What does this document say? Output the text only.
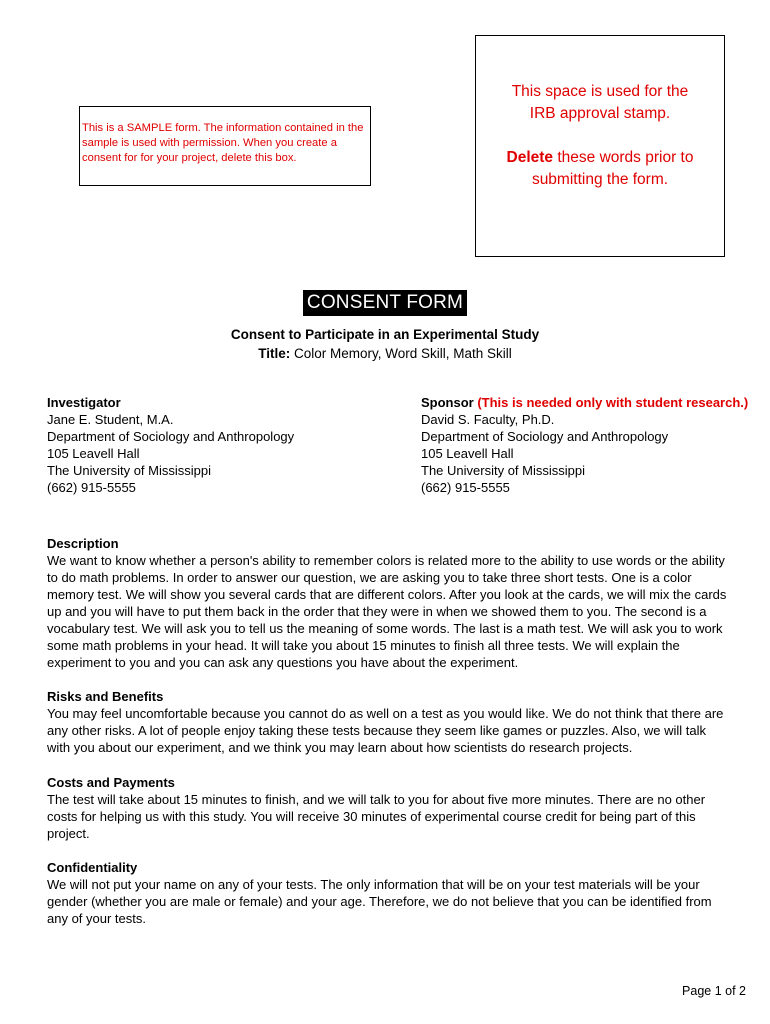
This is a SAMPLE form. The information contained in the sample is used with permission. When you create a consent for for your project, delete this box.
This space is used for the
IRB approval stamp.
Delete these words prior to
submitting the form.
CONSENT FORM
Consent to Participate in an Experimental Study
Title: Color Memory, Word Skill, Math Skill
Investigator
Jane E. Student, M.A.
Department of Sociology and Anthropology
105 Leavell Hall
The University of Mississippi
(662) 915-5555
Sponsor (This is needed only with student research.)
David S. Faculty, Ph.D.
Department of Sociology and Anthropology
105 Leavell Hall
The University of Mississippi
(662) 915-5555
Description
We want to know whether a person's ability to remember colors is related more to the ability to use words or the ability to do math problems. In order to answer our question, we are asking you to take three short tests. One is a color memory test. We will show you several cards that are different colors. After you look at the cards, we will mix the cards up and you will have to put them back in the order that they were in when we showed them to you. The second is a vocabulary test. We will ask you to tell us the meaning of some words. The last is a math test. We will ask you to work some math problems in your head. It will take you about 15 minutes to finish all three tests. We will explain the experiment to you and you can ask any questions you have about the experiment.
Risks and Benefits
You may feel uncomfortable because you cannot do as well on a test as you would like. We do not think that there are any other risks. A lot of people enjoy taking these tests because they seem like games or puzzles. Also, we will talk with you about our experiment, and we think you may learn about how scientists do research projects.
Costs and Payments
The test will take about 15 minutes to finish, and we will talk to you for about five more minutes. There are no other costs for helping us with this study. You will receive 30 minutes of experimental course credit for being part of this project.
Confidentiality
We will not put your name on any of your tests. The only information that will be on your test materials will be your gender (whether you are male or female) and your age. Therefore, we do not believe that you can be identified from any of your tests.
Page 1 of 2
